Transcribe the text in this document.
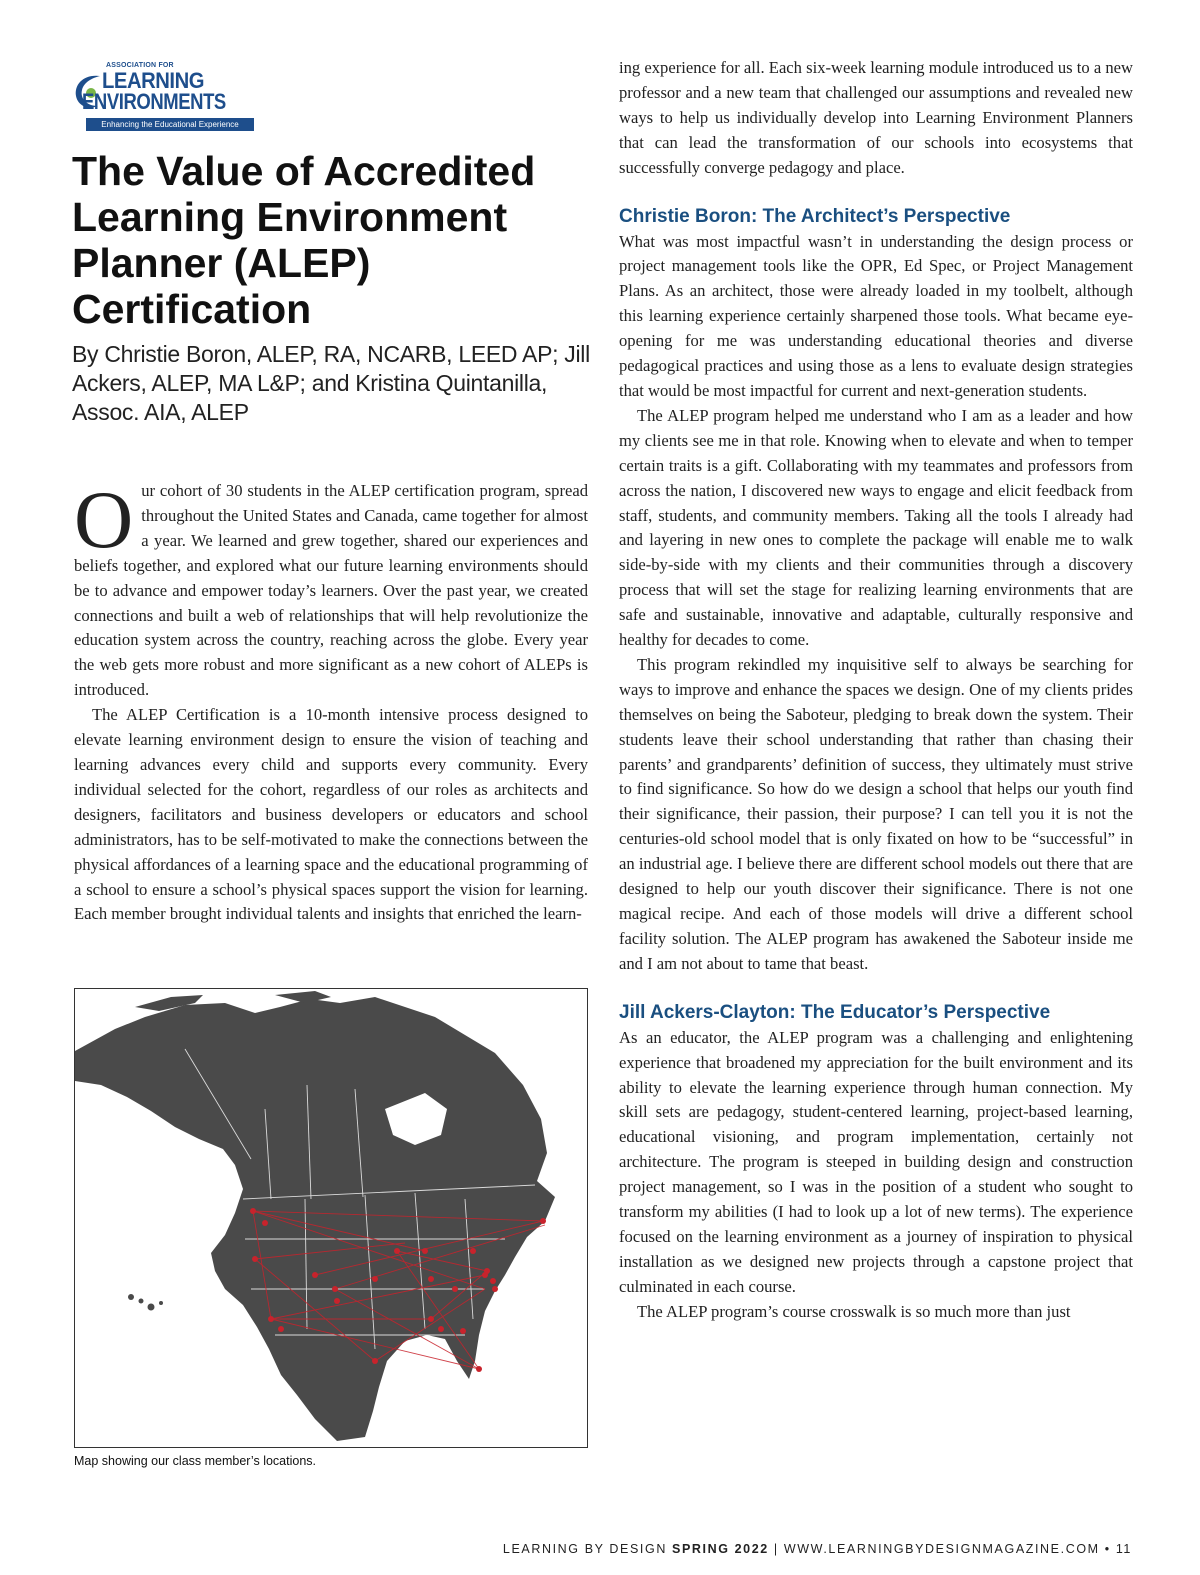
ASSOCIATION FOR
LEARNING
ENVIRONMENTS
Enhancing the Educational Experience
The Value of Accredited Learning Environment Planner (ALEP) Certification
By Christie Boron, ALEP, RA, NCARB, LEED AP; Jill Ackers, ALEP, MA L&P; and Kristina Quintanilla, Assoc. AIA, ALEP

Our cohort of 30 students in the ALEP certification program, spread throughout the United States and Canada, came together for almost a year. We learned and grew together, shared our experiences and beliefs together, and explored what our future learning environments should be to advance and empower today’s learners. Over the past year, we created connections and built a web of relationships that will help revolutionize the education system across the country, reaching across the globe. Every year the web gets more robust and more significant as a new cohort of ALEPs is introduced.

The ALEP Certification is a 10-month intensive process designed to elevate learning environment design to ensure the vision of teaching and learning advances every child and supports every community. Every individual selected for the cohort, regardless of our roles as architects and designers, facilitators and business developers or educators and school administrators, has to be self-motivated to make the connections between the physical affordances of a learning space and the educational programming of a school to ensure a school’s physical spaces support the vision for learning. Each member brought individual talents and insights that enriched the learn-

Map showing our class member’s locations.

ing experience for all. Each six-week learning module introduced us to a new professor and a new team that challenged our assumptions and revealed new ways to help us individually develop into Learning Environment Planners that can lead the transformation of our schools into ecosystems that successfully converge pedagogy and place.

Christie Boron: The Architect’s Perspective

What was most impactful wasn’t in understanding the design process or project management tools like the OPR, Ed Spec, or Project Management Plans. As an architect, those were already loaded in my toolbelt, although this learning experience certainly sharpened those tools. What became eye-opening for me was understanding educational theories and diverse pedagogical practices and using those as a lens to evaluate design strategies that would be most impactful for current and next-generation students.

The ALEP program helped me understand who I am as a leader and how my clients see me in that role. Knowing when to elevate and when to temper certain traits is a gift. Collaborating with my teammates and professors from across the nation, I discovered new ways to engage and elicit feedback from staff, students, and community members. Taking all the tools I already had and layering in new ones to complete the package will enable me to walk side-by-side with my clients and their communities through a discovery process that will set the stage for realizing learning environments that are safe and sustainable, innovative and adaptable, culturally responsive and healthy for decades to come.

This program rekindled my inquisitive self to always be searching for ways to improve and enhance the spaces we design. One of my clients prides themselves on being the Saboteur, pledging to break down the system. Their students leave their school understanding that rather than chasing their parents’ and grandparents’ definition of success, they ultimately must strive to find significance. So how do we design a school that helps our youth find their significance, their passion, their purpose? I can tell you it is not the centuries-old school model that is only fixated on how to be “successful” in an industrial age. I believe there are different school models out there that are designed to help our youth discover their significance. There is not one magical recipe. And each of those models will drive a different school facility solution. The ALEP program has awakened the Saboteur inside me and I am not about to tame that beast.

Jill Ackers-Clayton: The Educator’s Perspective

As an educator, the ALEP program was a challenging and enlightening experience that broadened my appreciation for the built environment and its ability to elevate the learning experience through human connection. My skill sets are pedagogy, student-centered learning, project-based learning, educational visioning, and program implementation, certainly not architecture. The program is steeped in building design and construction project management, so I was in the position of a student who sought to transform my abilities (I had to look up a lot of new terms). The experience focused on the learning environment as a journey of inspiration to physical installation as we designed new projects through a capstone project that culminated in each course.

The ALEP program’s course crosswalk is so much more than just

LEARNING BY DESIGN SPRING 2022 | WWW.LEARNINGBYDESIGNMAGAZINE.COM • 11
